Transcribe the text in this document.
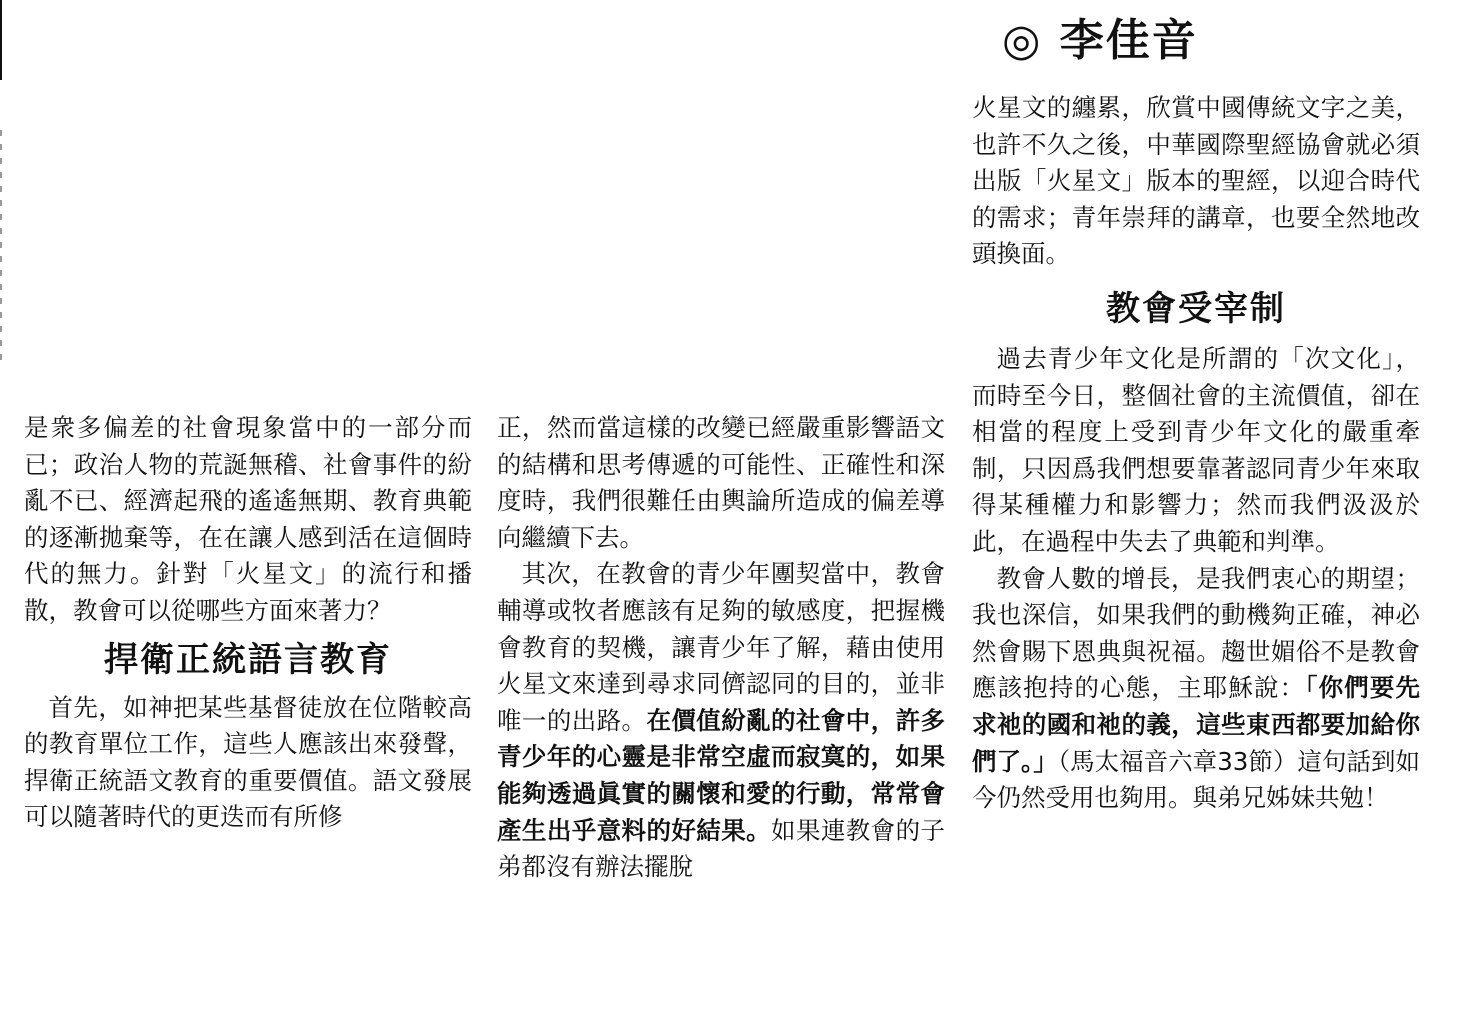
◎ 李佳音

是衆多偏差的社會現象當中的一部分而已；政治人物的荒誕無稽、社會事件的紛亂不已、經濟起飛的遙遙無期、教育典範的逐漸拋棄等，在在讓人感到活在這個時代的無力。針對「火星文」的流行和播散，教會可以從哪些方面來著力？

捍衛正統語言教育

首先，如神把某些基督徒放在位階較高的教育單位工作，這些人應該出來發聲，捍衛正統語文教育的重要價值。語文發展可以隨著時代的更迭而有所修

正，然而當這樣的改變已經嚴重影響語文的結構和思考傳遞的可能性、正確性和深度時，我們很難任由輿論所造成的偏差導向繼續下去。

其次，在教會的青少年團契當中，教會輔導或牧者應該有足夠的敏感度，把握機會教育的契機，讓青少年了解，藉由使用火星文來達到尋求同儕認同的目的，並非唯一的出路。在價值紛亂的社會中，許多青少年的心靈是非常空虛而寂寞的，如果能夠透過眞實的關懷和愛的行動，常常會產生出乎意料的好結果。如果連教會的子弟都沒有辦法擺脫

火星文的纏累，欣賞中國傳統文字之美，也許不久之後，中華國際聖經協會就必須出版「火星文」版本的聖經，以迎合時代的需求；青年崇拜的講章，也要全然地改頭換面。

教會受宰制

過去青少年文化是所謂的「次文化」，而時至今日，整個社會的主流價值，卻在相當的程度上受到青少年文化的嚴重牽制，只因爲我們想要靠著認同青少年來取得某種權力和影響力；然而我們汲汲於此，在過程中失去了典範和判準。

教會人數的增長，是我們衷心的期望；我也深信，如果我們的動機夠正確，神必然會賜下恩典與祝福。趨世媚俗不是教會應該抱持的心態，主耶穌說：「你們要先求祂的國和祂的義，這些東西都要加給你們了。」（馬太福音六章33節）這句話到如今仍然受用也夠用。與弟兄姊妹共勉！
